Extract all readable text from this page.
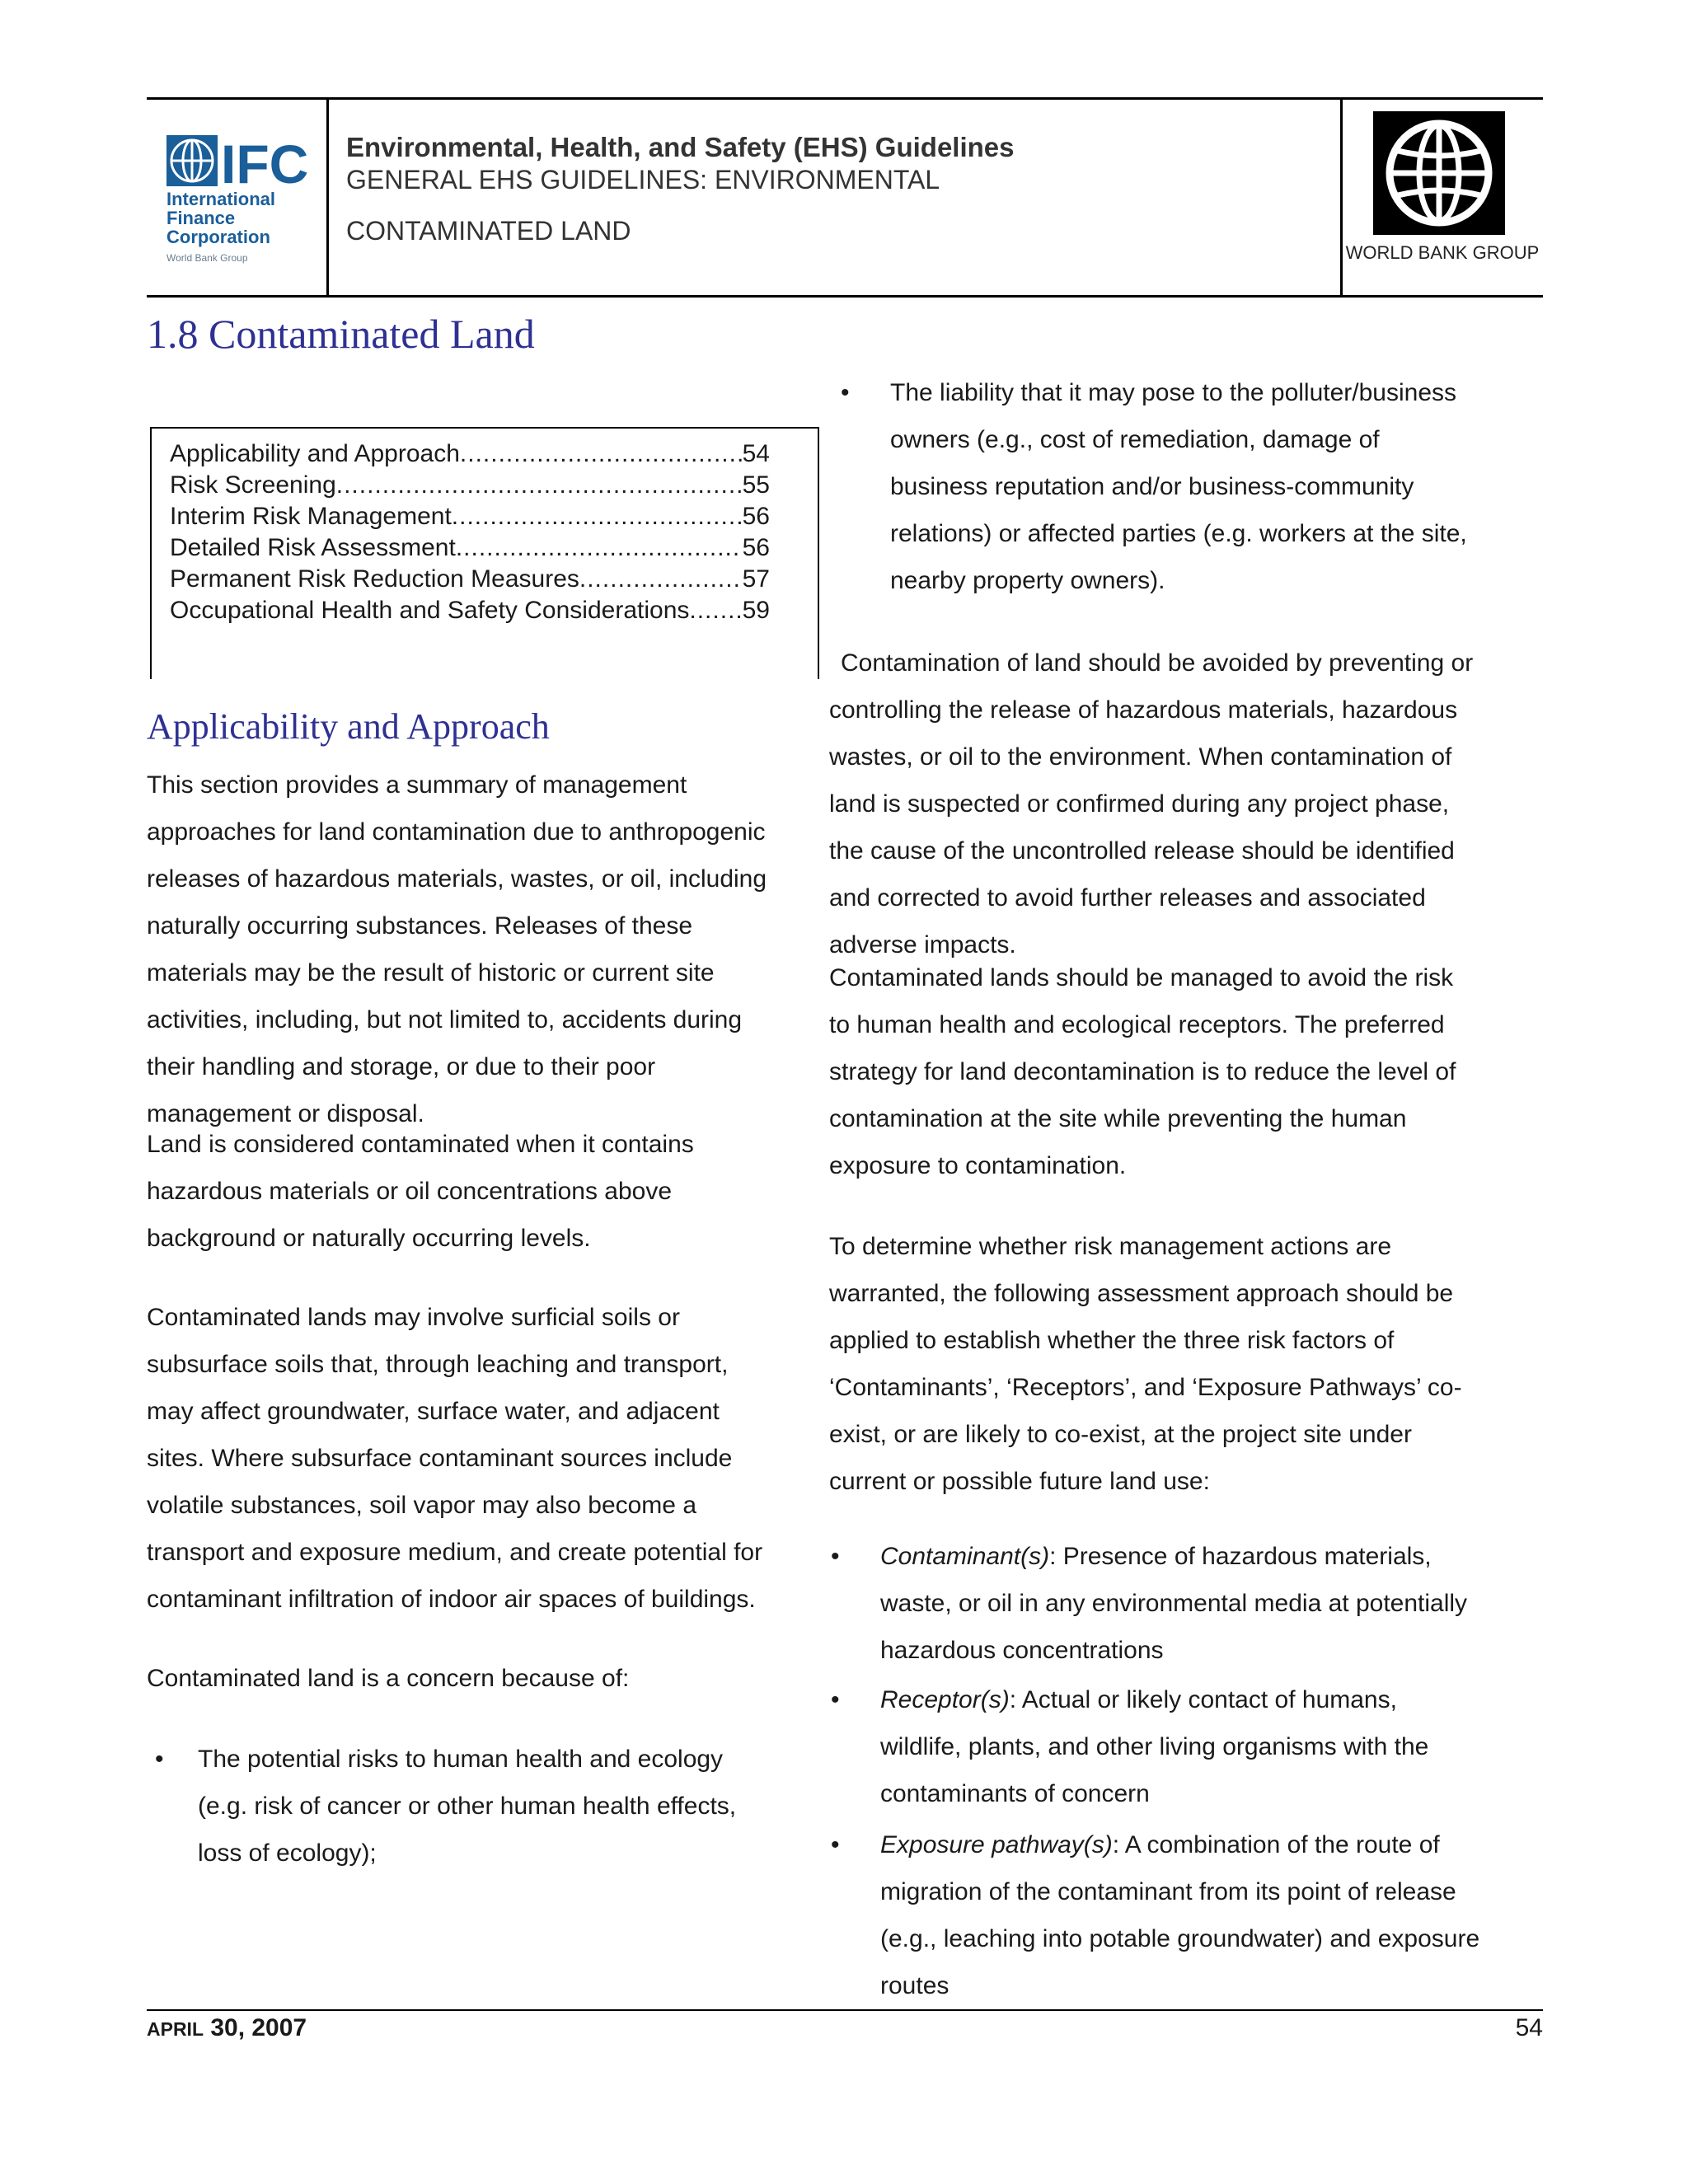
IFC
International
Finance
Corporation
World Bank Group
Environmental, Health, and Safety (EHS) Guidelines
GENERAL EHS GUIDELINES: ENVIRONMENTAL
CONTAMINATED LAND
WORLD BANK GROUP
1.8 Contaminated Land
Applicability and Approach .....	54
Risk Screening .....	55
Interim Risk Management .....	56
Detailed Risk Assessment .....	56
Permanent Risk Reduction Measures .....	57
Occupational Health and Safety Considerations ..... 59
Applicability and Approach
This section provides a summary of management approaches for land contamination due to anthropogenic releases of hazardous materials, wastes, or oil, including naturally occurring substances. Releases of these materials may be the result of historic or current site activities, including, but not limited to, accidents during their handling and storage, or due to their poor management or disposal.
Land is considered contaminated when it contains hazardous materials or oil concentrations above background or naturally occurring levels.
Contaminated lands may involve surficial soils or subsurface soils that, through leaching and transport, may affect groundwater, surface water, and adjacent sites. Where subsurface contaminant sources include volatile substances, soil vapor may also become a transport and exposure medium, and create potential for contaminant infiltration of indoor air spaces of buildings.
Contaminated land is a concern because of:
• The potential risks to human health and ecology (e.g. risk of cancer or other human health effects, loss of ecology);
• The liability that it may pose to the polluter/business owners (e.g., cost of remediation, damage of business reputation and/or business-community relations) or affected parties (e.g. workers at the site, nearby property owners).
Contamination of land should be avoided by preventing or controlling the release of hazardous materials, hazardous wastes, or oil to the environment. When contamination of land is suspected or confirmed during any project phase, the cause of the uncontrolled release should be identified and corrected to avoid further releases and associated adverse impacts.
Contaminated lands should be managed to avoid the risk to human health and ecological receptors. The preferred strategy for land decontamination is to reduce the level of contamination at the site while preventing the human exposure to contamination.
To determine whether risk management actions are warranted, the following assessment approach should be applied to establish whether the three risk factors of ‘Contaminants’, ‘Receptors’, and ‘Exposure Pathways’ co-exist, or are likely to co-exist, at the project site under current or possible future land use:
• Contaminant(s): Presence of hazardous materials, waste, or oil in any environmental media at potentially hazardous concentrations
• Receptor(s): Actual or likely contact of humans, wildlife, plants, and other living organisms with the contaminants of concern
• Exposure pathway(s): A combination of the route of migration of the contaminant from its point of release (e.g., leaching into potable groundwater) and exposure routes
APRIL 30, 2007	54
